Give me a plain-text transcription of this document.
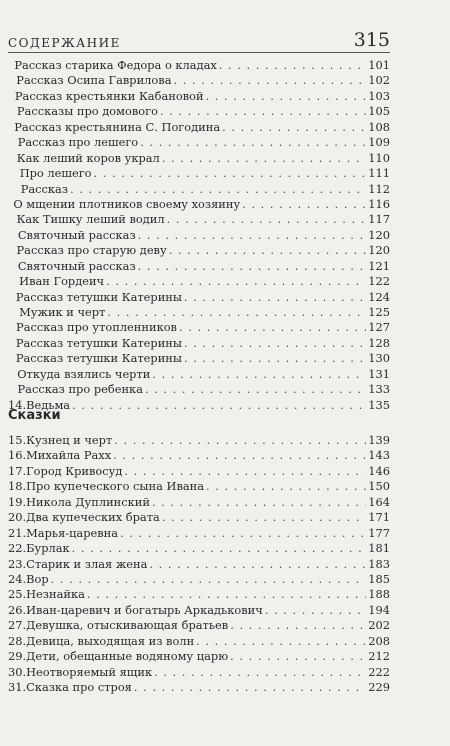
СОДЕРЖАНИЕ	315
Рассказ старика Федора о кладах . . .	101
Рассказ Осипа Гаврилова . . .	102
Рассказ крестьянки Кабановой . . .	103
Рассказы про домового . . .	105
Рассказ крестьянина С. Погодина . . .	108
Рассказ про лешего . . .	109
Как леший коров украл . . .	110
Про лешего . . .	111
Рассказ . . .	112
О мщении плотников своему хозяину . . .	116
Как Тишку леший водил . . .	117
Святочный рассказ . . .	120
Рассказ про старую деву . . .	120
Святочный рассказ . . .	121
Иван Гордеич . . .	122
Рассказ тетушки Катерины . . .	124
Мужик и черт . . .	125
Рассказ про утопленников . . .	127
Рассказ тетушки Катерины . . .	128
Рассказ тетушки Катерины . . .	130
Откуда взялись черти . . .	131
Рассказ про ребенка . . .	133
14. Ведьма . . .	135
Сказки
15. Кузнец и черт . . .	139
16. Михайла Рахх . . .	143
17. Город Кривосуд . . .	146
18. Про купеческого сына Ивана . . .	150
19. Никола Дуплинский . . .	164
20. Два купеческих брата . . .	171
21. Марья-царевна . . .	177
22. Бурлак . . .	181
23. Старик и злая жена . . .	183
24. Вор . . .	185
25. Незнайка . . .	188
26. Иван-царевич и богатырь Аркадькович . . .	194
27. Девушка, отыскивающая братьев . . .	202
28. Девица, выходящая из волн . . .	208
29. Дети, обещанные водяному царю . . .	212
30. Неотворяемый ящик . . .	222
31. Сказка про строя . . .	229
